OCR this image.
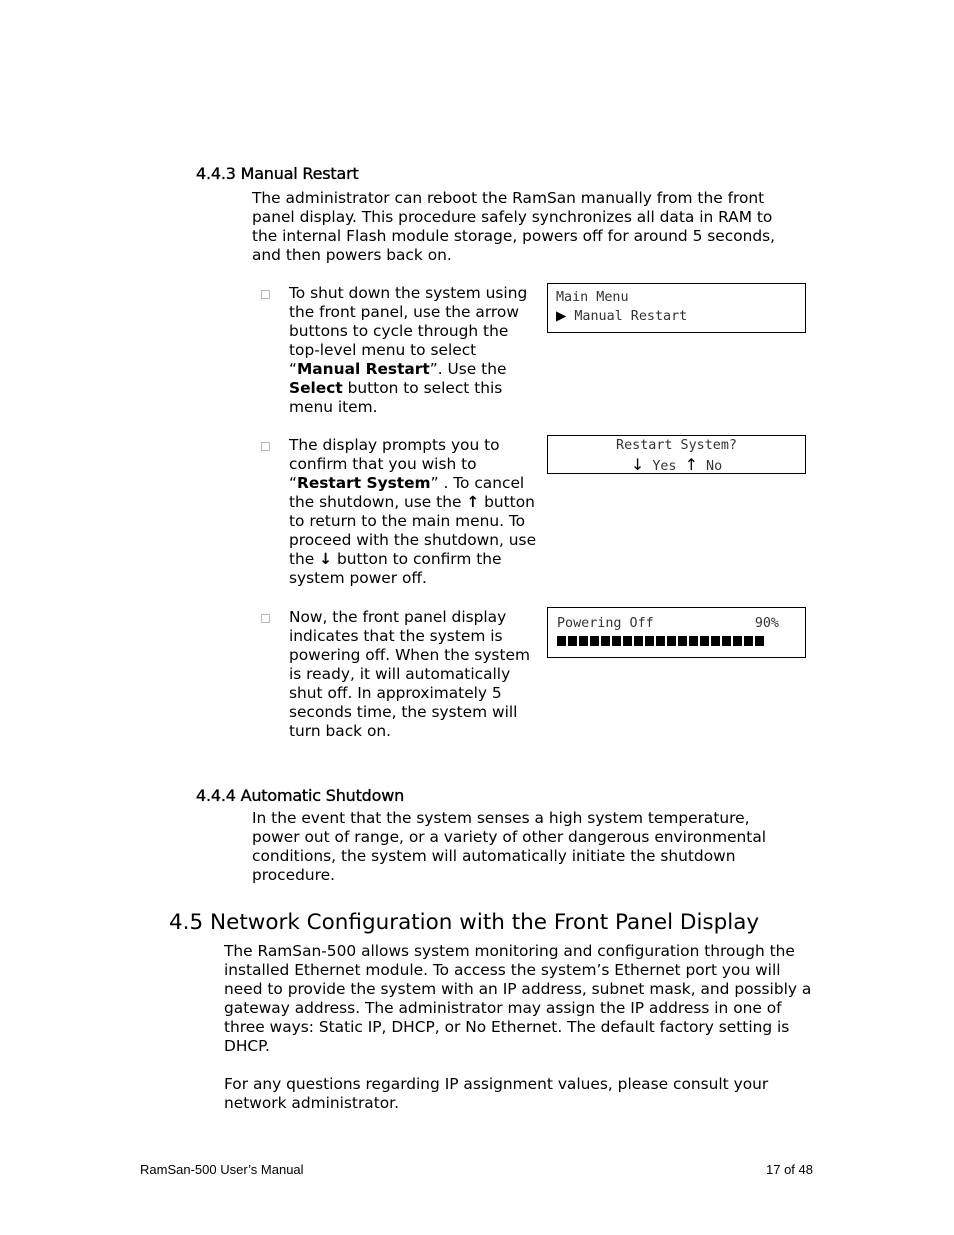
4.4.3 Manual Restart
The administrator can reboot the RamSan manually from the front panel display. This procedure safely synchronizes all data in RAM to the internal Flash module storage, powers off for around 5 seconds, and then powers back on.
To shut down the system using the front panel, use the arrow buttons to cycle through the top-level menu to select “Manual Restart”. Use the Select button to select this menu item.
Main Menu
▶ Manual Restart
The display prompts you to confirm that you wish to “Restart System” . To cancel the shutdown, use the ↑ button to return to the main menu. To proceed with the shutdown, use the ↓ button to confirm the system power off.
Restart System?
↓ Yes ↑ No
Now, the front panel display indicates that the system is powering off. When the system is ready, it will automatically shut off. In approximately 5 seconds time, the system will turn back on.
Powering Off	90%
4.4.4 Automatic Shutdown
In the event that the system senses a high system temperature, power out of range, or a variety of other dangerous environmental conditions, the system will automatically initiate the shutdown procedure.
4.5 Network Configuration with the Front Panel Display
The RamSan-500 allows system monitoring and configuration through the installed Ethernet module. To access the system’s Ethernet port you will need to provide the system with an IP address, subnet mask, and possibly a gateway address. The administrator may assign the IP address in one of three ways: Static IP, DHCP, or No Ethernet. The default factory setting is DHCP.
For any questions regarding IP assignment values, please consult your network administrator.
RamSan-500 User’s Manual	17 of 48
